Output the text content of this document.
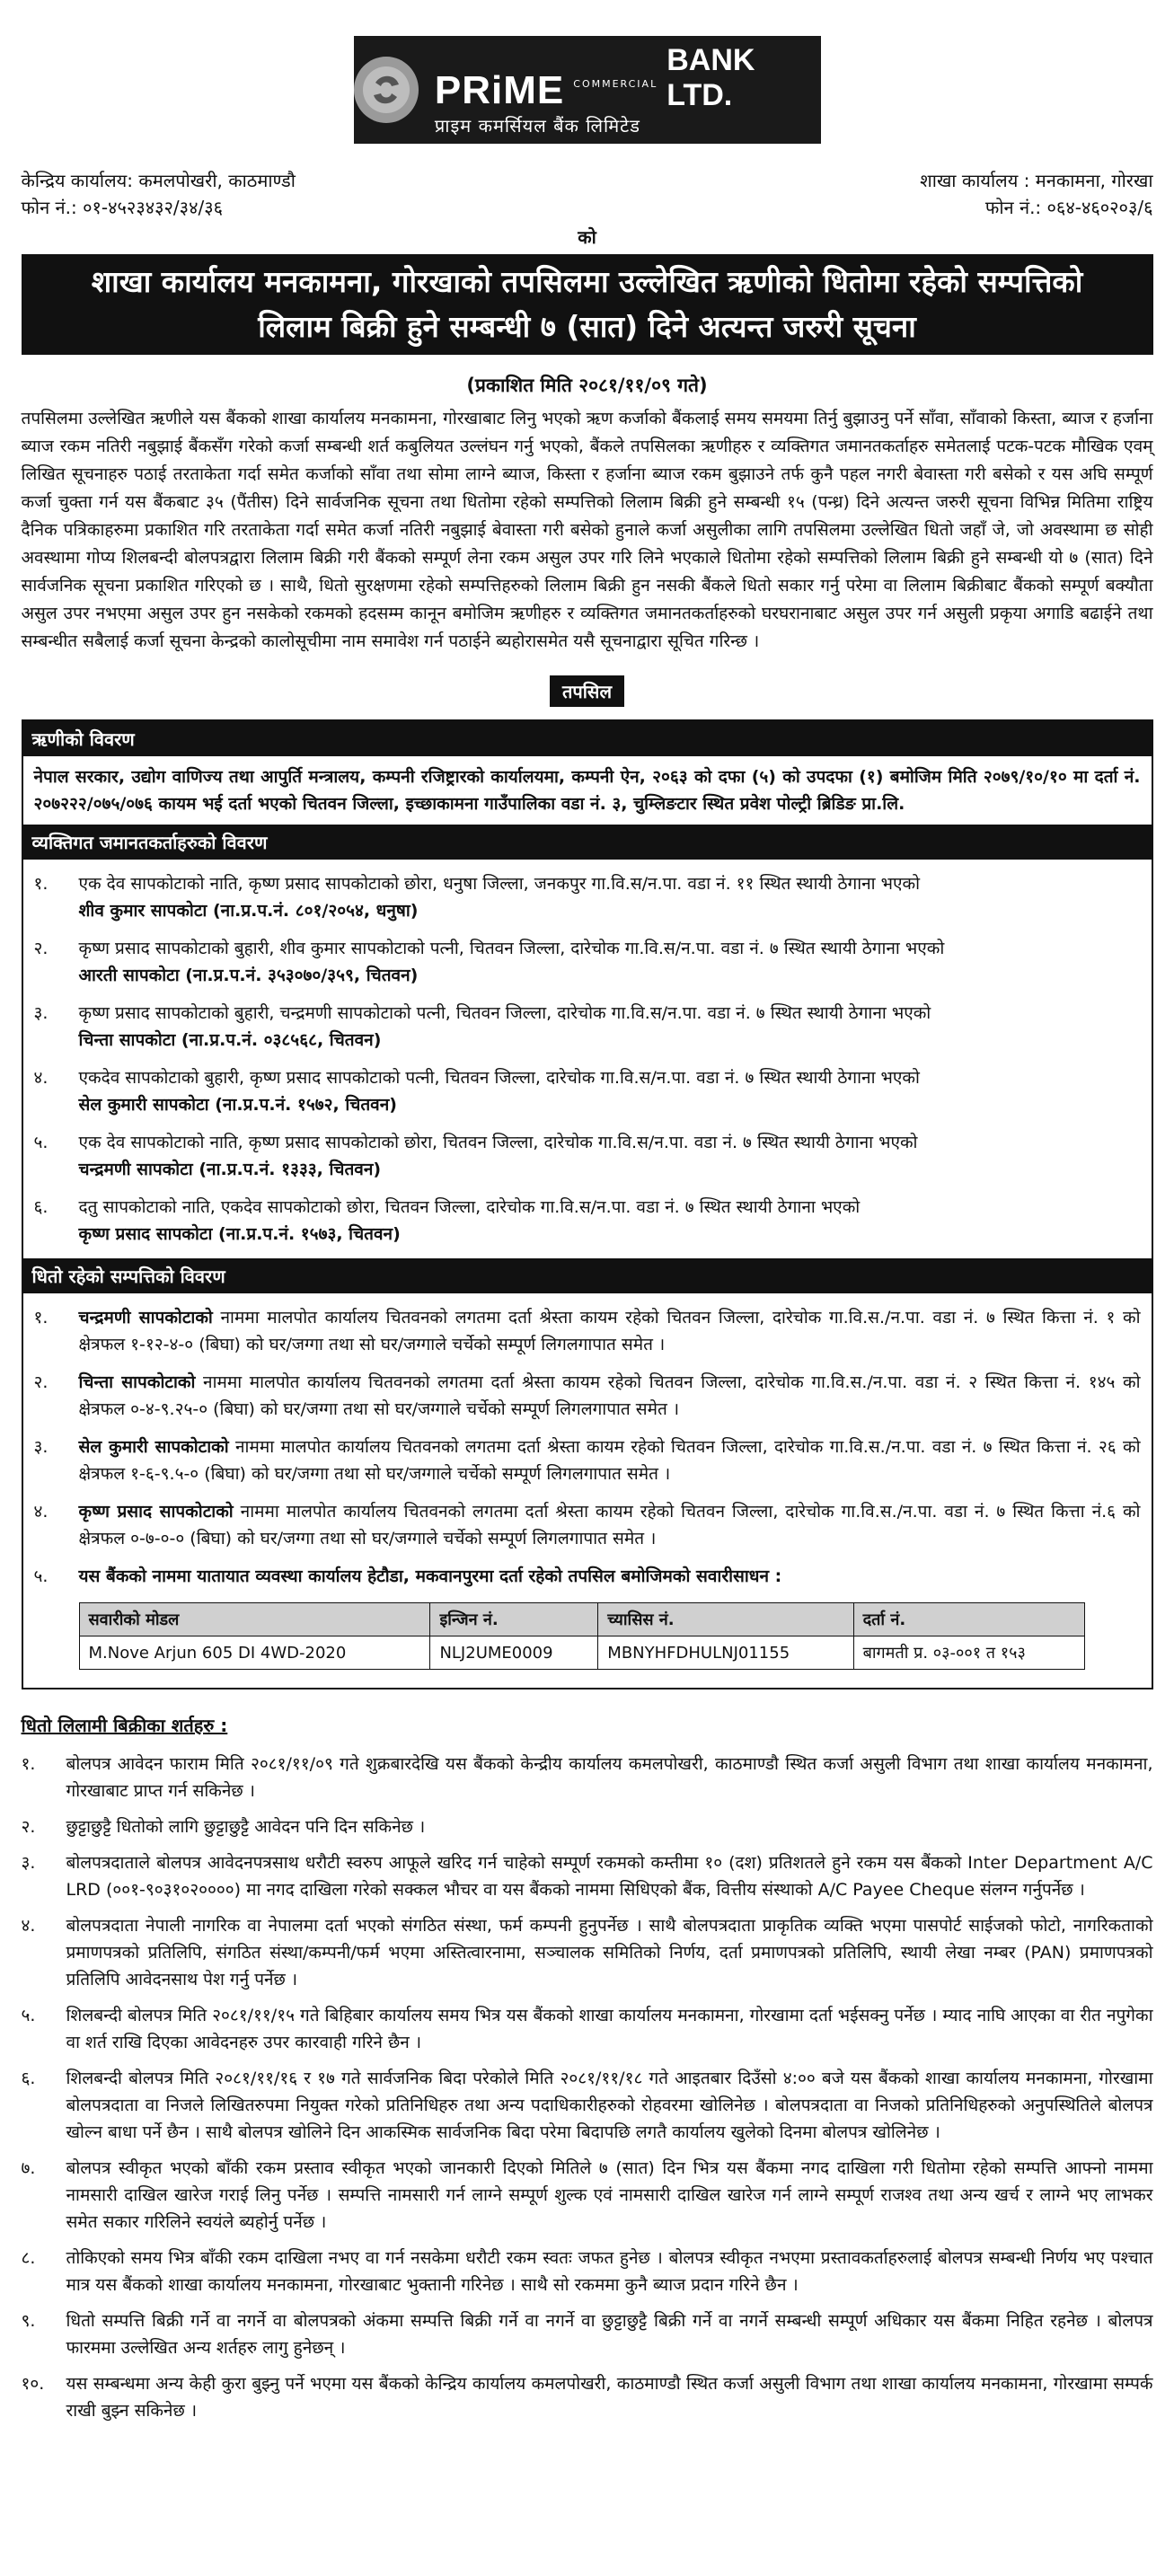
PRiME COMMERCIAL
BANK LTD.
प्राइम कमर्सियल बैंक लिमिटेड
केन्द्रिय कार्यालय: कमलपोखरी, काठमाण्डौ
फोन नं.: ०१-४५२३४३२/३४/३६
शाखा कार्यालय : मनकामना, गोरखा
फोन नं.: ०६४-४६०२०३/६
को
शाखा कार्यालय मनकामना, गोरखाको तपसिलमा उल्लेखित ऋणीको धितोमा रहेको सम्पत्तिको
लिलाम बिक्री हुने सम्बन्धी ७ (सात) दिने अत्यन्त जरुरी सूचना
(प्रकाशित मिति २०८१/११/०९ गते)
तपसिलमा उल्लेखित ऋणीले यस बैंकको शाखा कार्यालय मनकामना, गोरखाबाट लिनु भएको ऋण कर्जाको बैंकलाई समय समयमा तिर्नु बुझाउनु पर्ने साँवा, साँवाको किस्ता, ब्याज र हर्जाना ब्याज रकम नतिरी नबुझाई बैंकसँग गरेको कर्जा सम्बन्धी शर्त कबुलियत उल्लंघन गर्नु भएको, बैंकले तपसिलका ऋणीहरु र व्यक्तिगत जमानतकर्ताहरु समेतलाई पटक-पटक मौखिक एवम् लिखित सूचनाहरु पठाई तरताकेता गर्दा समेत कर्जाको साँवा तथा सोमा लाग्ने ब्याज, किस्ता र हर्जाना ब्याज रकम बुझाउने तर्फ कुनै पहल नगरी बेवास्ता गरी बसेको र यस अघि सम्पूर्ण कर्जा चुक्ता गर्न यस बैंकबाट ३५ (पैंतीस) दिने सार्वजनिक सूचना तथा धितोमा रहेको सम्पत्तिको लिलाम बिक्री हुने सम्बन्धी १५ (पन्ध्र) दिने अत्यन्त जरुरी सूचना विभिन्न मितिमा राष्ट्रिय दैनिक पत्रिकाहरुमा प्रकाशित गरि तरताकेता गर्दा समेत कर्जा नतिरी नबुझाई बेवास्ता गरी बसेको हुनाले कर्जा असुलीका लागि तपसिलमा उल्लेखित धितो जहाँ जे, जो अवस्थामा छ सोही अवस्थामा गोप्य शिलबन्दी बोलपत्रद्वारा लिलाम बिक्री गरी बैंकको सम्पूर्ण लेना रकम असुल उपर गरि लिने भएकाले धितोमा रहेको सम्पत्तिको लिलाम बिक्री हुने सम्बन्धी यो ७ (सात) दिने सार्वजनिक सूचना प्रकाशित गरिएको छ । साथै, धितो सुरक्षणमा रहेको सम्पत्तिहरुको लिलाम बिक्री हुन नसकी बैंकले धितो सकार गर्नु परेमा वा लिलाम बिक्रीबाट बैंकको सम्पूर्ण बक्यौता असुल उपर नभएमा असुल उपर हुन नसकेको रकमको हदसम्म कानून बमोजिम ऋणीहरु र व्यक्तिगत जमानतकर्ताहरुको घरघरानाबाट असुल उपर गर्न असुली प्रकृया अगाडि बढाईने तथा सम्बन्धीत सबैलाई कर्जा सूचना केन्द्रको कालोसूचीमा नाम समावेश गर्न पठाईने ब्यहोरासमेत यसै सूचनाद्वारा सूचित गरिन्छ ।
तपसिल
ऋणीको विवरण
नेपाल सरकार, उद्योग वाणिज्य तथा आपुर्ति मन्त्रालय, कम्पनी रजिष्ट्रारको कार्यालयमा, कम्पनी ऐन, २०६३ को दफा (५) को उपदफा (१) बमोजिम मिति २०७९/१०/१० मा दर्ता नं. २०७२२२/०७५/०७६ कायम भई दर्ता भएको चितवन जिल्ला, इच्छाकामना गाउँपालिका वडा नं. ३, चुम्लिङटार स्थित प्रवेश पोल्ट्री ब्रिडिङ प्रा.लि.
व्यक्तिगत जमानतकर्ताहरुको विवरण
१.	एक देव सापकोटाको नाति, कृष्ण प्रसाद सापकोटाको छोरा, धनुषा जिल्ला, जनकपुर गा.वि.स/न.पा. वडा नं. ११ स्थित स्थायी ठेगाना भएको
शीव कुमार सापकोटा (ना.प्र.प.नं. ८०१/२०५४, धनुषा)
२.	कृष्ण प्रसाद सापकोटाको बुहारी, शीव कुमार सापकोटाको पत्नी, चितवन जिल्ला, दारेचोक गा.वि.स/न.पा. वडा नं. ७ स्थित स्थायी ठेगाना भएको
आरती सापकोटा (ना.प्र.प.नं. ३५३०७०/३५९, चितवन)
३.	कृष्ण प्रसाद सापकोटाको बुहारी, चन्द्रमणी सापकोटाको पत्नी, चितवन जिल्ला, दारेचोक गा.वि.स/न.पा. वडा नं. ७ स्थित स्थायी ठेगाना भएको
चिन्ता सापकोटा (ना.प्र.प.नं. ०३८५६८, चितवन)
४.	एकदेव सापकोटाको बुहारी, कृष्ण प्रसाद सापकोटाको पत्नी, चितवन जिल्ला, दारेचोक गा.वि.स/न.पा. वडा नं. ७ स्थित स्थायी ठेगाना भएको
सेल कुमारी सापकोटा (ना.प्र.प.नं. १५७२, चितवन)
५.	एक देव सापकोटाको नाति, कृष्ण प्रसाद सापकोटाको छोरा, चितवन जिल्ला, दारेचोक गा.वि.स/न.पा. वडा नं. ७ स्थित स्थायी ठेगाना भएको
चन्द्रमणी सापकोटा (ना.प्र.प.नं. १३३३, चितवन)
६.	दतु सापकोटाको नाति, एकदेव सापकोटाको छोरा, चितवन जिल्ला, दारेचोक गा.वि.स/न.पा. वडा नं. ७ स्थित स्थायी ठेगाना भएको
कृष्ण प्रसाद सापकोटा (ना.प्र.प.नं. १५७३, चितवन)
धितो रहेको सम्पत्तिको विवरण
१.	चन्द्रमणी सापकोटाको नाममा मालपोत कार्यालय चितवनको लगतमा दर्ता श्रेस्ता कायम रहेको चितवन जिल्ला, दारेचोक गा.वि.स./न.पा. वडा नं. ७ स्थित कित्ता नं. १ को क्षेत्रफल १-१२-४-० (बिघा) को घर/जग्गा तथा सो घर/जग्गाले चर्चेको सम्पूर्ण लिगलगापात समेत ।
२.	चिन्ता सापकोटाको नाममा मालपोत कार्यालय चितवनको लगतमा दर्ता श्रेस्ता कायम रहेको चितवन जिल्ला, दारेचोक गा.वि.स./न.पा. वडा नं. २ स्थित कित्ता नं. १४५ को क्षेत्रफल ०-४-९.२५-० (बिघा) को घर/जग्गा तथा सो घर/जग्गाले चर्चेको सम्पूर्ण लिगलगापात समेत ।
३.	सेल कुमारी सापकोटाको नाममा मालपोत कार्यालय चितवनको लगतमा दर्ता श्रेस्ता कायम रहेको चितवन जिल्ला, दारेचोक गा.वि.स./न.पा. वडा नं. ७ स्थित कित्ता नं. २६ को क्षेत्रफल १-६-९.५-० (बिघा) को घर/जग्गा तथा सो घर/जग्गाले चर्चेको सम्पूर्ण लिगलगापात समेत ।
४.	कृष्ण प्रसाद सापकोटाको नाममा मालपोत कार्यालय चितवनको लगतमा दर्ता श्रेस्ता कायम रहेको चितवन जिल्ला, दारेचोक गा.वि.स./न.पा. वडा नं. ७ स्थित कित्ता नं.६ को क्षेत्रफल ०-७-०-० (बिघा) को घर/जग्गा तथा सो घर/जग्गाले चर्चेको सम्पूर्ण लिगलगापात समेत ।
५.	यस बैंकको नाममा यातायात व्यवस्था कार्यालय हेटौडा, मकवानपुरमा दर्ता रहेको तपसिल बमोजिमको सवारीसाधन :
सवारीको मोडल	इन्जिन नं.	च्यासिस नं.	दर्ता नं.
M.Nove Arjun 605 DI 4WD-2020	NLJ2UME0009	MBNYHFDHULNJ01155	बागमती प्र. ०३-००१ त १५३
धितो लिलामी बिक्रीका शर्तहरु :
१.	बोलपत्र आवेदन फाराम मिति २०८१/११/०९ गते शुक्रबारदेखि यस बैंकको केन्द्रीय कार्यालय कमलपोखरी, काठमाण्डौ स्थित कर्जा असुली विभाग तथा शाखा कार्यालय मनकामना, गोरखाबाट प्राप्त गर्न सकिनेछ ।
२.	छुट्टाछुट्टै धितोको लागि छुट्टाछुट्टै आवेदन पनि दिन सकिनेछ ।
३.	बोलपत्रदाताले बोलपत्र आवेदनपत्रसाथ धरौटी स्वरुप आफूले खरिद गर्न चाहेको सम्पूर्ण रकमको कम्तीमा १० (दश) प्रतिशतले हुने रकम यस बैंकको Inter Department A/C LRD (००१-९०३१०२००००) मा नगद दाखिला गरेको सक्कल भौचर वा यस बैंकको नाममा सिधिएको बैंक, वित्तीय संस्थाको A/C Payee Cheque संलग्न गर्नुपर्नेछ ।
४.	बोलपत्रदाता नेपाली नागरिक वा नेपालमा दर्ता भएको संगठित संस्था, फर्म कम्पनी हुनुपर्नेछ । साथै बोलपत्रदाता प्राकृतिक व्यक्ति भएमा पासपोर्ट साईजको फोटो, नागरिकताको प्रमाणपत्रको प्रतिलिपि, संगठित संस्था/कम्पनी/फर्म भएमा अस्तित्वारनामा, सञ्चालक समितिको निर्णय, दर्ता प्रमाणपत्रको प्रतिलिपि, स्थायी लेखा नम्बर (PAN) प्रमाणपत्रको प्रतिलिपि आवेदनसाथ पेश गर्नु पर्नेछ ।
५.	शिलबन्दी बोलपत्र मिति २०८१/११/१५ गते बिहिबार कार्यालय समय भित्र यस बैंकको शाखा कार्यालय मनकामना, गोरखामा दर्ता भईसक्नु पर्नेछ । म्याद नाघि आएका वा रीत नपुगेका वा शर्त राखि दिएका आवेदनहरु उपर कारवाही गरिने छैन ।
६.	शिलबन्दी बोलपत्र मिति २०८१/११/१६ र १७ गते सार्वजनिक बिदा परेकोले मिति २०८१/११/१८ गते आइतबार दिउँसो ४:०० बजे यस बैंकको शाखा कार्यालय मनकामना, गोरखामा बोलपत्रदाता वा निजले लिखितरुपमा नियुक्त गरेको प्रतिनिधिहरु तथा अन्य पदाधिकारीहरुको रोहवरमा खोलिनेछ । बोलपत्रदाता वा निजको प्रतिनिधिहरुको अनुपस्थितिले बोलपत्र खोल्न बाधा पर्ने छैन । साथै बोलपत्र खोलिने दिन आकस्मिक सार्वजनिक बिदा परेमा बिदापछि लगतै कार्यालय खुलेको दिनमा बोलपत्र खोलिनेछ ।
७.	बोलपत्र स्वीकृत भएको बाँकी रकम प्रस्ताव स्वीकृत भएको जानकारी दिएको मितिले ७ (सात) दिन भित्र यस बैंकमा नगद दाखिला गरी धितोमा रहेको सम्पत्ति आफ्नो नाममा नामसारी दाखिल खारेज गराई लिनु पर्नेछ । सम्पत्ति नामसारी गर्न लाग्ने सम्पूर्ण शुल्क एवं नामसारी दाखिल खारेज गर्न लाग्ने सम्पूर्ण राजश्व तथा अन्य खर्च र लाग्ने भए लाभकर समेत सकार गरिलिने स्वयंले ब्यहोर्नु पर्नेछ ।
८.	तोकिएको समय भित्र बाँकी रकम दाखिला नभए वा गर्न नसकेमा धरौटी रकम स्वतः जफत हुनेछ । बोलपत्र स्वीकृत नभएमा प्रस्तावकर्ताहरुलाई बोलपत्र सम्बन्धी निर्णय भए पश्चात मात्र यस बैंकको शाखा कार्यालय मनकामना, गोरखाबाट भुक्तानी गरिनेछ । साथै सो रकममा कुनै ब्याज प्रदान गरिने छैन ।
९.	धितो सम्पत्ति बिक्री गर्ने वा नगर्ने वा बोलपत्रको अंकमा सम्पत्ति बिक्री गर्ने वा नगर्ने वा छुट्टाछुट्टै बिक्री गर्ने वा नगर्ने सम्बन्धी सम्पूर्ण अधिकार यस बैंकमा निहित रहनेछ । बोलपत्र फारममा उल्लेखित अन्य शर्तहरु लागु हुनेछन् ।
१०.	यस सम्बन्धमा अन्य केही कुरा बुझ्नु पर्ने भएमा यस बैंकको केन्द्रिय कार्यालय कमलपोखरी, काठमाण्डौ स्थित कर्जा असुली विभाग तथा शाखा कार्यालय मनकामना, गोरखामा सम्पर्क राखी बुझ्न सकिनेछ ।
